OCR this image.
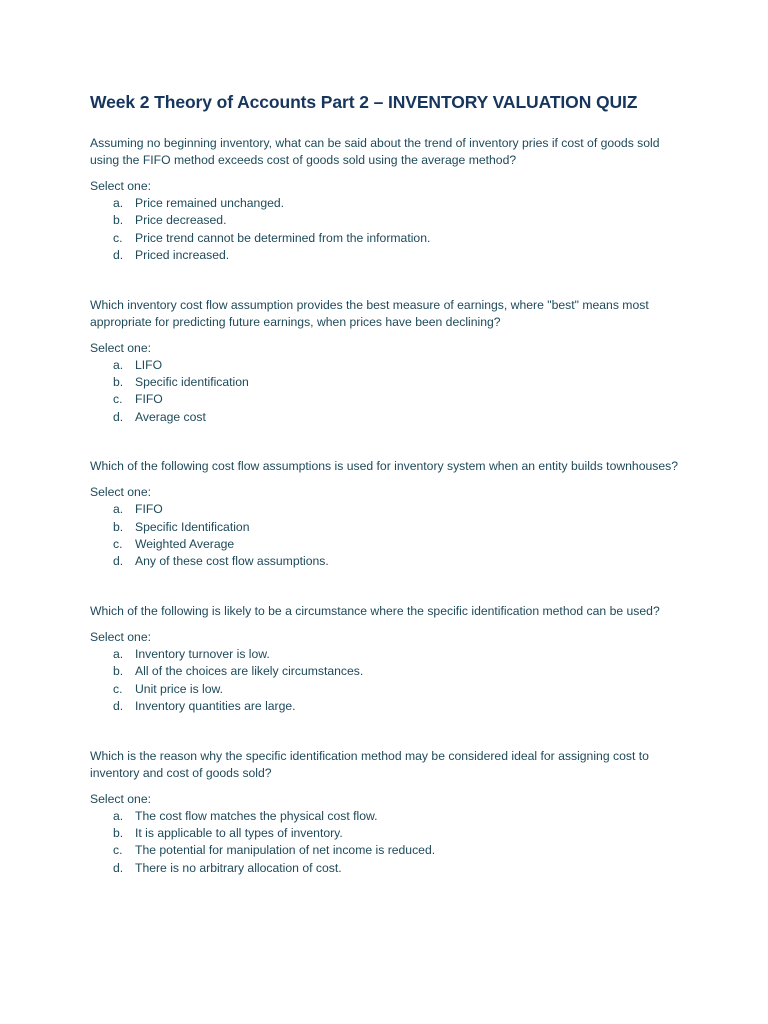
Week 2 Theory of Accounts Part 2 – INVENTORY VALUATION QUIZ

Assuming no beginning inventory, what can be said about the trend of inventory pries if cost of goods sold using the FIFO method exceeds cost of goods sold using the average method?

Select one:

a. Price remained unchanged.
b. Price decreased.
c.	Price trend cannot be determined from the information.
d. Priced increased.

Which inventory cost flow assumption provides the best measure of earnings, where "best" means most appropriate for predicting future earnings, when prices have been declining?

Select one:

a. LIFO
b. Specific identification
c.	FIFO
d. Average cost

Which of the following cost flow assumptions is used for inventory system when an entity builds townhouses?

Select one:

a. FIFO
b. Specific Identification
c.	Weighted Average
d. Any of these cost flow assumptions.

Which of the following is likely to be a circumstance where the specific identification method can be used?

Select one:

a. Inventory turnover is low.
b. All of the choices are likely circumstances.
c.	Unit price is low.
d. Inventory quantities are large.

Which is the reason why the specific identification method may be considered ideal for assigning cost to inventory and cost of goods sold?

Select one:

a. The cost flow matches the physical cost flow.
b. It is applicable to all types of inventory.
c.	The potential for manipulation of net income is reduced.
d. There is no arbitrary allocation of cost.
